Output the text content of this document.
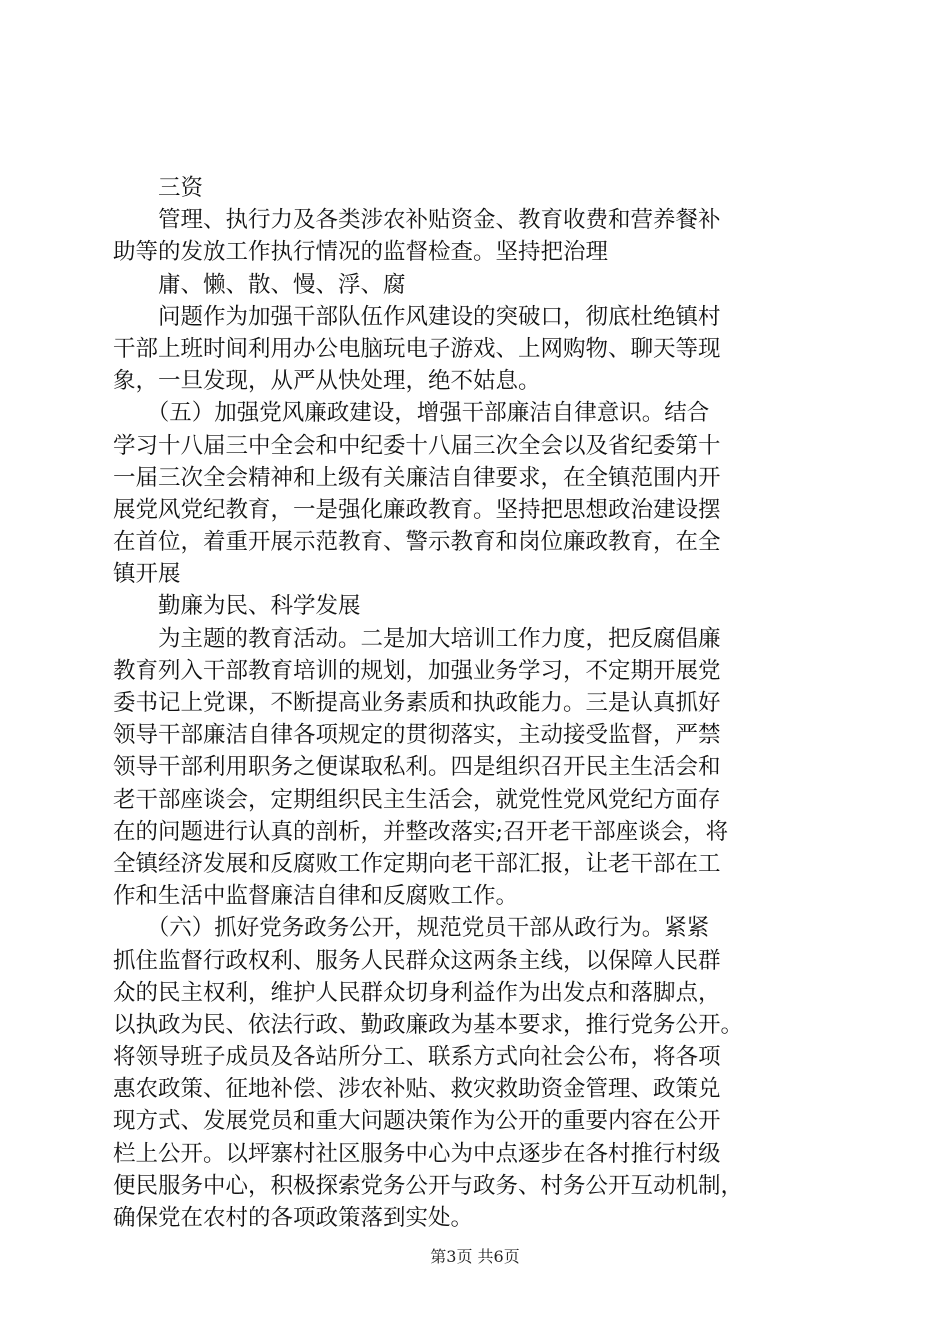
　　三资
　　管理、执行力及各类涉农补贴资金、教育收费和营养餐补
助等的发放工作执行情况的监督检查。坚持把治理
　　庸、懒、散、慢、浮、腐
　　问题作为加强干部队伍作风建设的突破口，彻底杜绝镇村
干部上班时间利用办公电脑玩电子游戏、上网购物、聊天等现
象，一旦发现，从严从快处理，绝不姑息。
　　（五）加强党风廉政建设，增强干部廉洁自律意识。结合
学习十八届三中全会和中纪委十八届三次全会以及省纪委第十
一届三次全会精神和上级有关廉洁自律要求，在全镇范围内开
展党风党纪教育，一是强化廉政教育。坚持把思想政治建设摆
在首位，着重开展示范教育、警示教育和岗位廉政教育，在全
镇开展
　　勤廉为民、科学发展
　　为主题的教育活动。二是加大培训工作力度，把反腐倡廉
教育列入干部教育培训的规划，加强业务学习，不定期开展党
委书记上党课，不断提高业务素质和执政能力。三是认真抓好
领导干部廉洁自律各项规定的贯彻落实，主动接受监督，严禁
领导干部利用职务之便谋取私利。四是组织召开民主生活会和
老干部座谈会，定期组织民主生活会，就党性党风党纪方面存
在的问题进行认真的剖析，并整改落实;召开老干部座谈会，将
全镇经济发展和反腐败工作定期向老干部汇报，让老干部在工
作和生活中监督廉洁自律和反腐败工作。
　　（六）抓好党务政务公开，规范党员干部从政行为。紧紧
抓住监督行政权利、服务人民群众这两条主线，以保障人民群
众的民主权利，维护人民群众切身利益作为出发点和落脚点，
以执政为民、依法行政、勤政廉政为基本要求，推行党务公开。
将领导班子成员及各站所分工、联系方式向社会公布，将各项
惠农政策、征地补偿、涉农补贴、救灾救助资金管理、政策兑
现方式、发展党员和重大问题决策作为公开的重要内容在公开
栏上公开。以坪寨村社区服务中心为中点逐步在各村推行村级
便民服务中心，积极探索党务公开与政务、村务公开互动机制，
确保党在农村的各项政策落到实处。
第3页 共6页
